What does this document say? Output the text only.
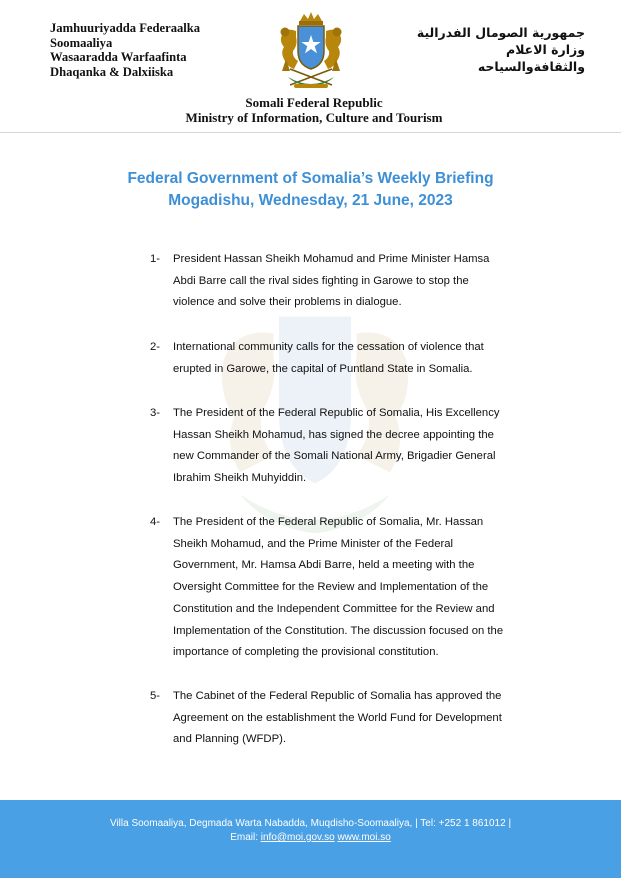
Jamhuuriyadda Federaalka
Soomaaliya
Wasaaradda Warfaafinta
Dhaqanka & Dalxiiska
جمهورية الصومال الفدرالية
وزارة الاعلام
والثقافةوالسياحه
Somali Federal Republic
Ministry of Information, Culture and Tourism
Federal Government of Somalia’s Weekly Briefing
Mogadishu, Wednesday, 21 June, 2023
1-	President Hassan Sheikh Mohamud and Prime Minister Hamsa
Abdi Barre call the rival sides fighting in Garowe to stop the
violence and solve their problems in dialogue.
2-	International community calls for the cessation of violence that
erupted in Garowe, the capital of Puntland State in Somalia.
3-	The President of the Federal Republic of Somalia, His Excellency
Hassan Sheikh Mohamud, has signed the decree appointing the
new Commander of the Somali National Army, Brigadier General
Ibrahim Sheikh Muhyiddin.
4-	The President of the Federal Republic of Somalia, Mr. Hassan
Sheikh Mohamud, and the Prime Minister of the Federal
Government, Mr. Hamsa Abdi Barre, held a meeting with the
Oversight Committee for the Review and Implementation of the
Constitution and the Independent Committee for the Review and
Implementation of the Constitution. The discussion focused on the
importance of completing the provisional constitution.
5-	The Cabinet of the Federal Republic of Somalia has approved the
Agreement on the establishment the World Fund for Development
and Planning (WFDP).
Villa Soomaaliya, Degmada Warta Nabadda, Muqdisho-Soomaaliya, | Tel: +252 1 861012 |
Email: info@moi.gov.so www.moi.so
